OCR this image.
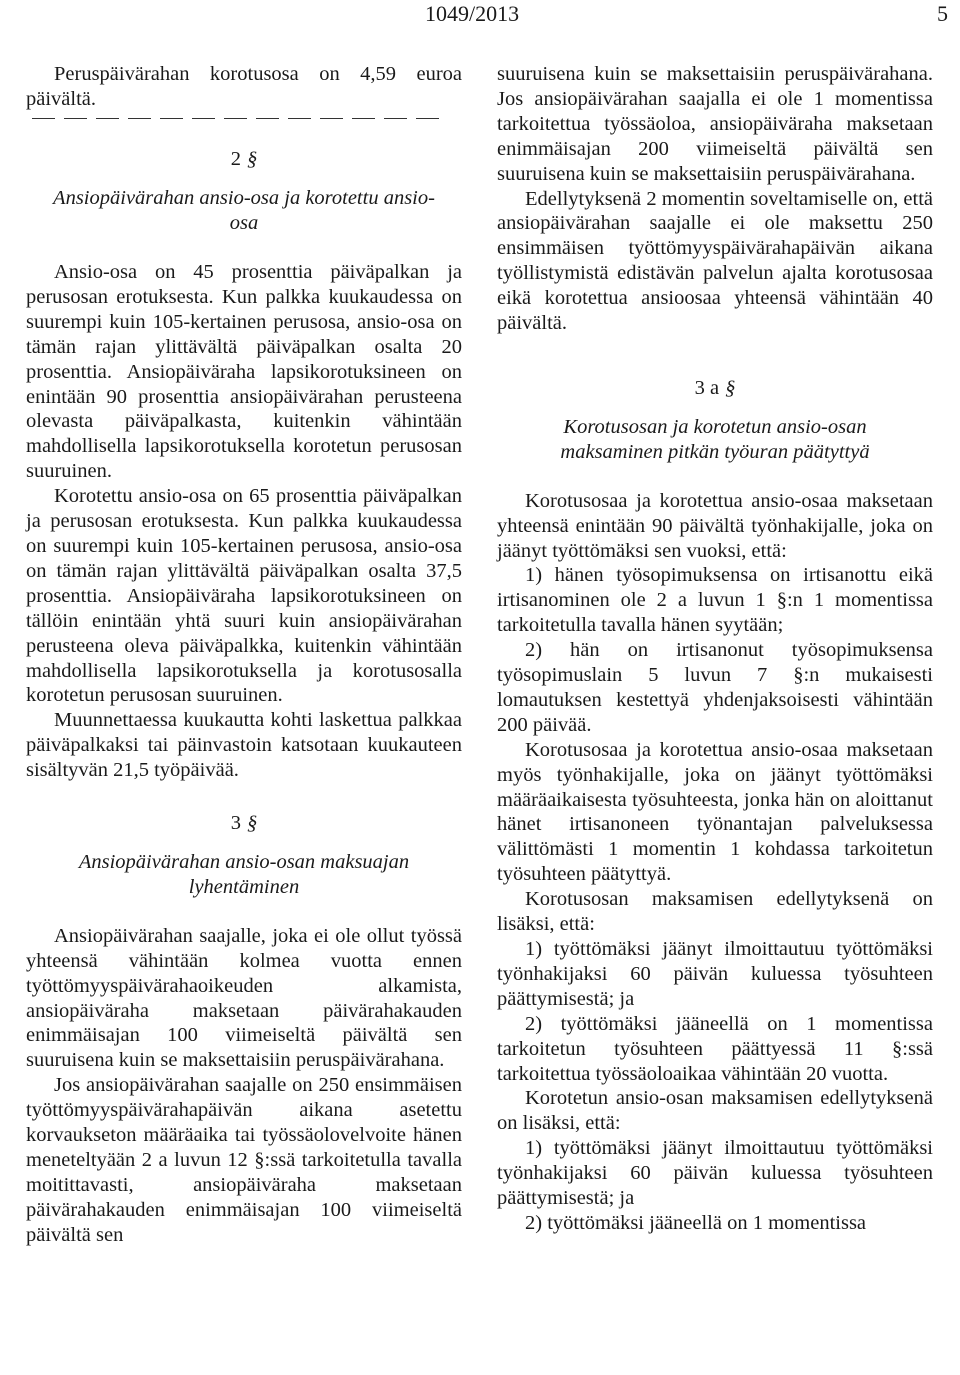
1049/2013	5

Peruspäivärahan korotusosa on 4,59 euroa päivältä.

2 §
Ansiopäivärahan ansio-osa ja korotettu ansio-osa

Ansio-osa on 45 prosenttia päiväpalkan ja perusosan erotuksesta. Kun palkka kuukaudessa on suurempi kuin 105-kertainen perusosa, ansio-osa on tämän rajan ylittävältä päiväpalkan osalta 20 prosenttia. Ansiopäiväraha lapsikorotuksineen on enintään 90 prosenttia ansiopäivärahan perusteena olevasta päiväpalkasta, kuitenkin vähintään mahdollisella lapsikorotuksella korotetun perusosan suuruinen.

Korotettu ansio-osa on 65 prosenttia päiväpalkan ja perusosan erotuksesta. Kun palkka kuukaudessa on suurempi kuin 105-kertainen perusosa, ansio-osa on tämän rajan ylittävältä päiväpalkan osalta 37,5 prosenttia. Ansiopäiväraha lapsikorotuksineen on tällöin enintään yhtä suuri kuin ansiopäivärahan perusteena oleva päiväpalkka, kuitenkin vähintään mahdollisella lapsikorotuksella ja korotusosalla korotetun perusosan suuruinen.

Muunnettaessa kuukautta kohti laskettua palkkaa päiväpalkaksi tai päinvastoin katsotaan kuukauteen sisältyvän 21,5 työpäivää.

3 §
Ansiopäivärahan ansio-osan maksuajan lyhentäminen

Ansiopäivärahan saajalle, joka ei ole ollut työssä yhteensä vähintään kolmea vuotta ennen työttömyyspäivärahaoikeuden alkamista, ansiopäiväraha maksetaan päivärahakauden enimmäisajan 100 viimeiseltä päivältä sen suuruisena kuin se maksettaisiin peruspäivärahana.

Jos ansiopäivärahan saajalle on 250 ensimmäisen työttömyyspäivärahapäivän aikana asetettu korvaukseton määräaika tai työssäolovelvoite hänen meneteltyään 2 a luvun 12 §:ssä tarkoitetulla tavalla moitittavasti, ansiopäiväraha maksetaan päivärahakauden enimmäisajan 100 viimeiseltä päivältä sen

suuruisena kuin se maksettaisiin peruspäivärahana. Jos ansiopäivärahan saajalla ei ole 1 momentissa tarkoitettua työssäoloa, ansiopäiväraha maksetaan enimmäisajan 200 viimeiseltä päivältä sen suuruisena kuin se maksettaisiin peruspäivärahana.

Edellytyksenä 2 momentin soveltamiselle on, että ansiopäivärahan saajalle ei ole maksettu 250 ensimmäisen työttömyyspäivärahapäivän aikana työllistymistä edistävän palvelun ajalta korotusosaa eikä korotettua ansioosaa yhteensä vähintään 40 päivältä.

3 a §
Korotusosan ja korotetun ansio-osan maksaminen pitkän työuran päätyttyä

Korotusosaa ja korotettua ansio-osaa maksetaan yhteensä enintään 90 päivältä työnhakijalle, joka on jäänyt työttömäksi sen vuoksi, että:

1) hänen työsopimuksensa on irtisanottu eikä irtisanominen ole 2 a luvun 1 §:n 1 momentissa tarkoitetulla tavalla hänen syytään;

2) hän on irtisanonut työsopimuksensa työsopimuslain 5 luvun 7 §:n mukaisesti lomautuksen kestettyä yhdenjaksoisesti vähintään 200 päivää.

Korotusosaa ja korotettua ansio-osaa maksetaan myös työnhakijalle, joka on jäänyt työttömäksi määräaikaisesta työsuhteesta, jonka hän on aloittanut hänet irtisanoneen työnantajan palveluksessa välittömästi 1 momentin 1 kohdassa tarkoitetun työsuhteen päätyttyä.

Korotusosan maksamisen edellytyksenä on lisäksi, että:

1) työttömäksi jäänyt ilmoittautuu työttömäksi työnhakijaksi 60 päivän kuluessa työsuhteen päättymisestä; ja

2) työttömäksi jääneellä on 1 momentissa tarkoitetun työsuhteen päättyessä 11 §:ssä tarkoitettua työssäoloaikaa vähintään 20 vuotta.

Korotetun ansio-osan maksamisen edellytyksenä on lisäksi, että:

1) työttömäksi jäänyt ilmoittautuu työttömäksi työnhakijaksi 60 päivän kuluessa työsuhteen päättymisestä; ja

2) työttömäksi jääneellä on 1 momentissa
